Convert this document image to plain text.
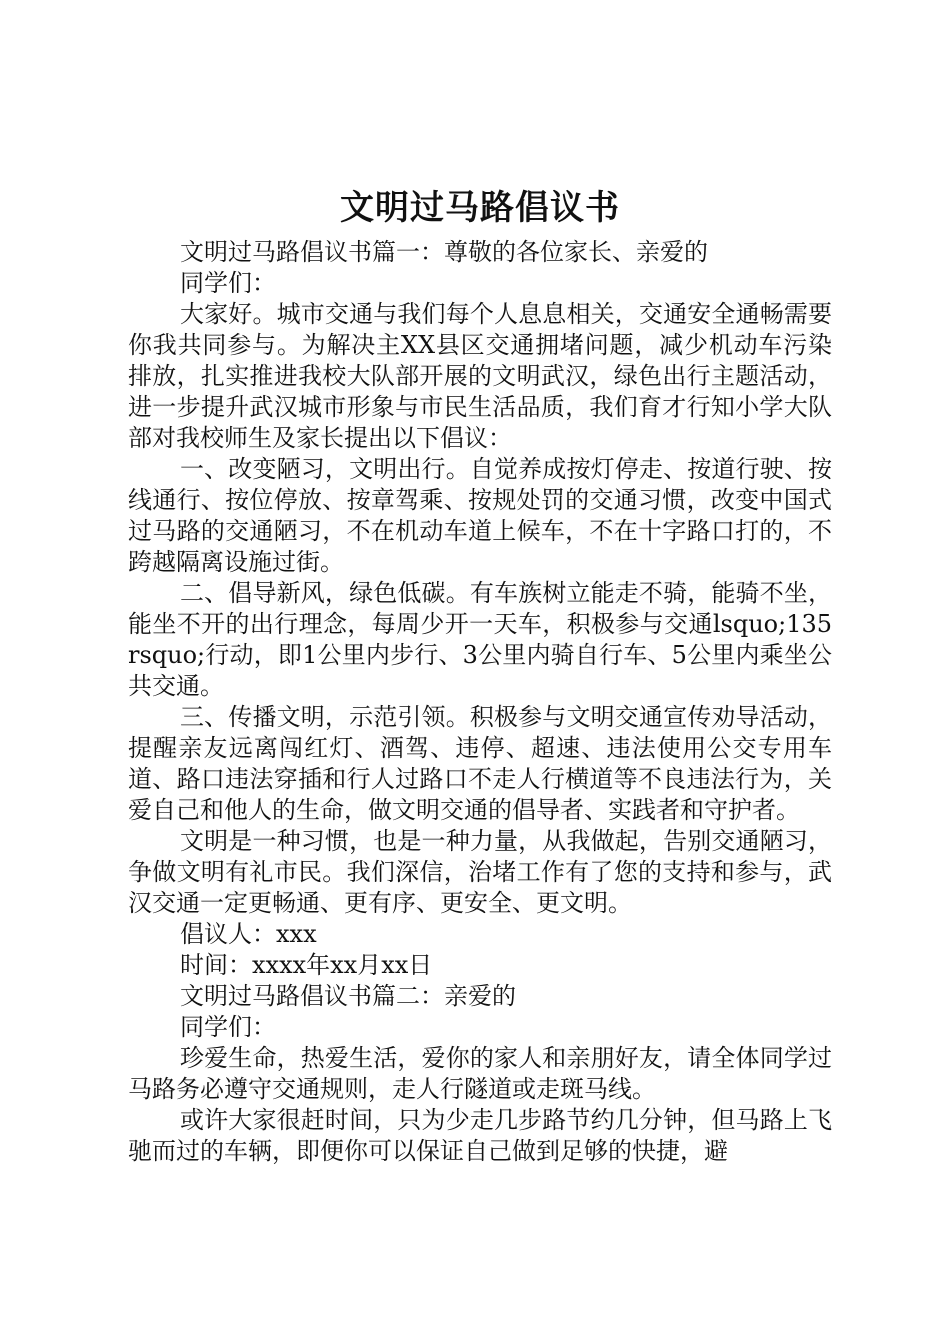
文明过马路倡议书

文明过马路倡议书篇一：尊敬的各位家长、亲爱的

同学们：

大家好。城市交通与我们每个人息息相关，交通安全通畅需要你我共同参与。为解决主XX县区交通拥堵问题，减少机动车污染排放，扎实推进我校大队部开展的文明武汉，绿色出行主题活动，进一步提升武汉城市形象与市民生活品质，我们育才行知小学大队部对我校师生及家长提出以下倡议：

一、改变陋习，文明出行。自觉养成按灯停走、按道行驶、按线通行、按位停放、按章驾乘、按规处罚的交通习惯，改变中国式过马路的交通陋习，不在机动车道上候车，不在十字路口打的，不跨越隔离设施过街。

二、倡导新风，绿色低碳。有车族树立能走不骑，能骑不坐，能坐不开的出行理念，每周少开一天车，积极参与交通lsquo;135rsquo;行动，即1公里内步行、3公里内骑自行车、5公里内乘坐公共交通。

三、传播文明，示范引领。积极参与文明交通宣传劝导活动，提醒亲友远离闯红灯、酒驾、违停、超速、违法使用公交专用车道、路口违法穿插和行人过路口不走人行横道等不良违法行为，关爱自己和他人的生命，做文明交通的倡导者、实践者和守护者。

文明是一种习惯，也是一种力量，从我做起，告别交通陋习，争做文明有礼市民。我们深信，治堵工作有了您的支持和参与，武汉交通一定更畅通、更有序、更安全、更文明。

倡议人：xxx

时间：xxxx年xx月xx日

文明过马路倡议书篇二：亲爱的

同学们：

珍爱生命，热爱生活，爱你的家人和亲朋好友，请全体同学过马路务必遵守交通规则，走人行隧道或走斑马线。

或许大家很赶时间，只为少走几步路节约几分钟，但马路上飞驰而过的车辆，即便你可以保证自己做到足够的快捷，避
